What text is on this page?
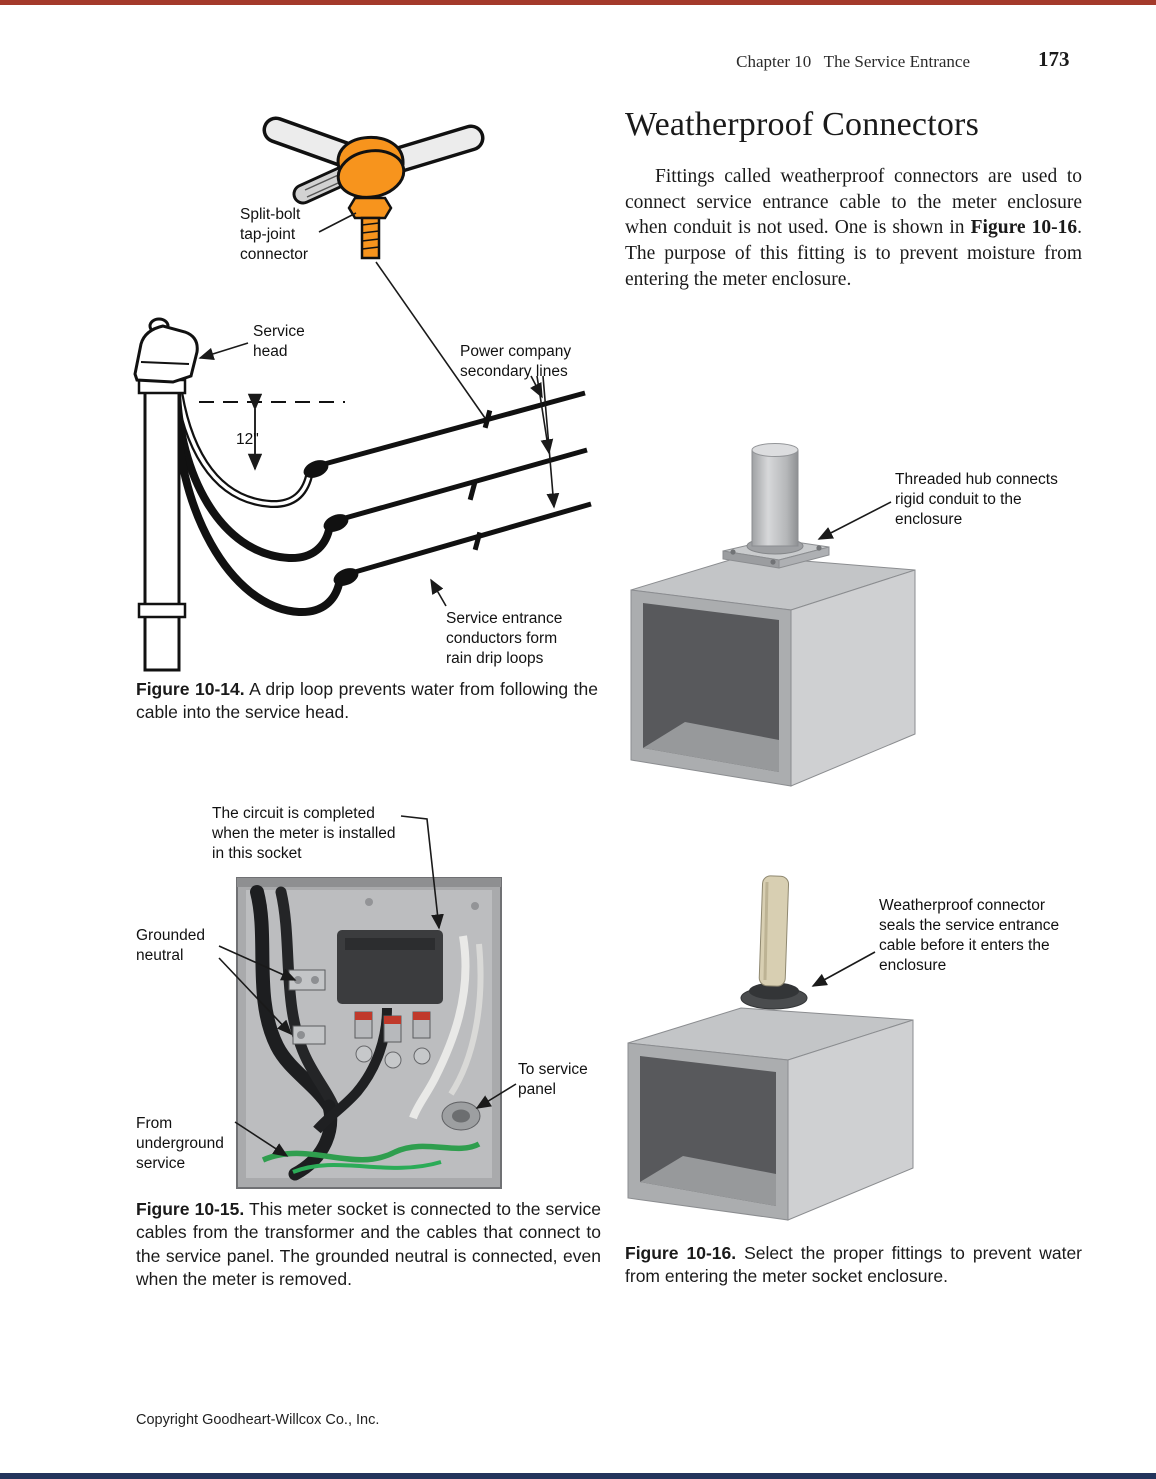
Chapter 10   The Service Entrance	173
Weatherproof Connectors

Fittings called weatherproof connectors are used to connect service entrance cable to the meter enclosure when conduit is not used. One is shown in Figure 10-16. The purpose of this fitting is to prevent moisture from entering the meter enclosure.

Split-bolt tap-joint connector
Service head	Power company secondary lines
12"
Service entrance conductors form rain drip loops

Figure 10-14. A drip loop prevents water from following the cable into the service head.

The circuit is completed when the meter is installed in this socket
Grounded neutral
To service panel
From underground service

Figure 10-15. This meter socket is connected to the service cables from the transformer and the cables that connect to the service panel. The grounded neutral is connected, even when the meter is removed.

Threaded hub connects rigid conduit to the enclosure
Weatherproof connector seals the service entrance cable before it enters the enclosure

Figure 10-16. Select the proper fittings to prevent water from entering the meter socket enclosure.

Copyright Goodheart-Willcox Co., Inc.
